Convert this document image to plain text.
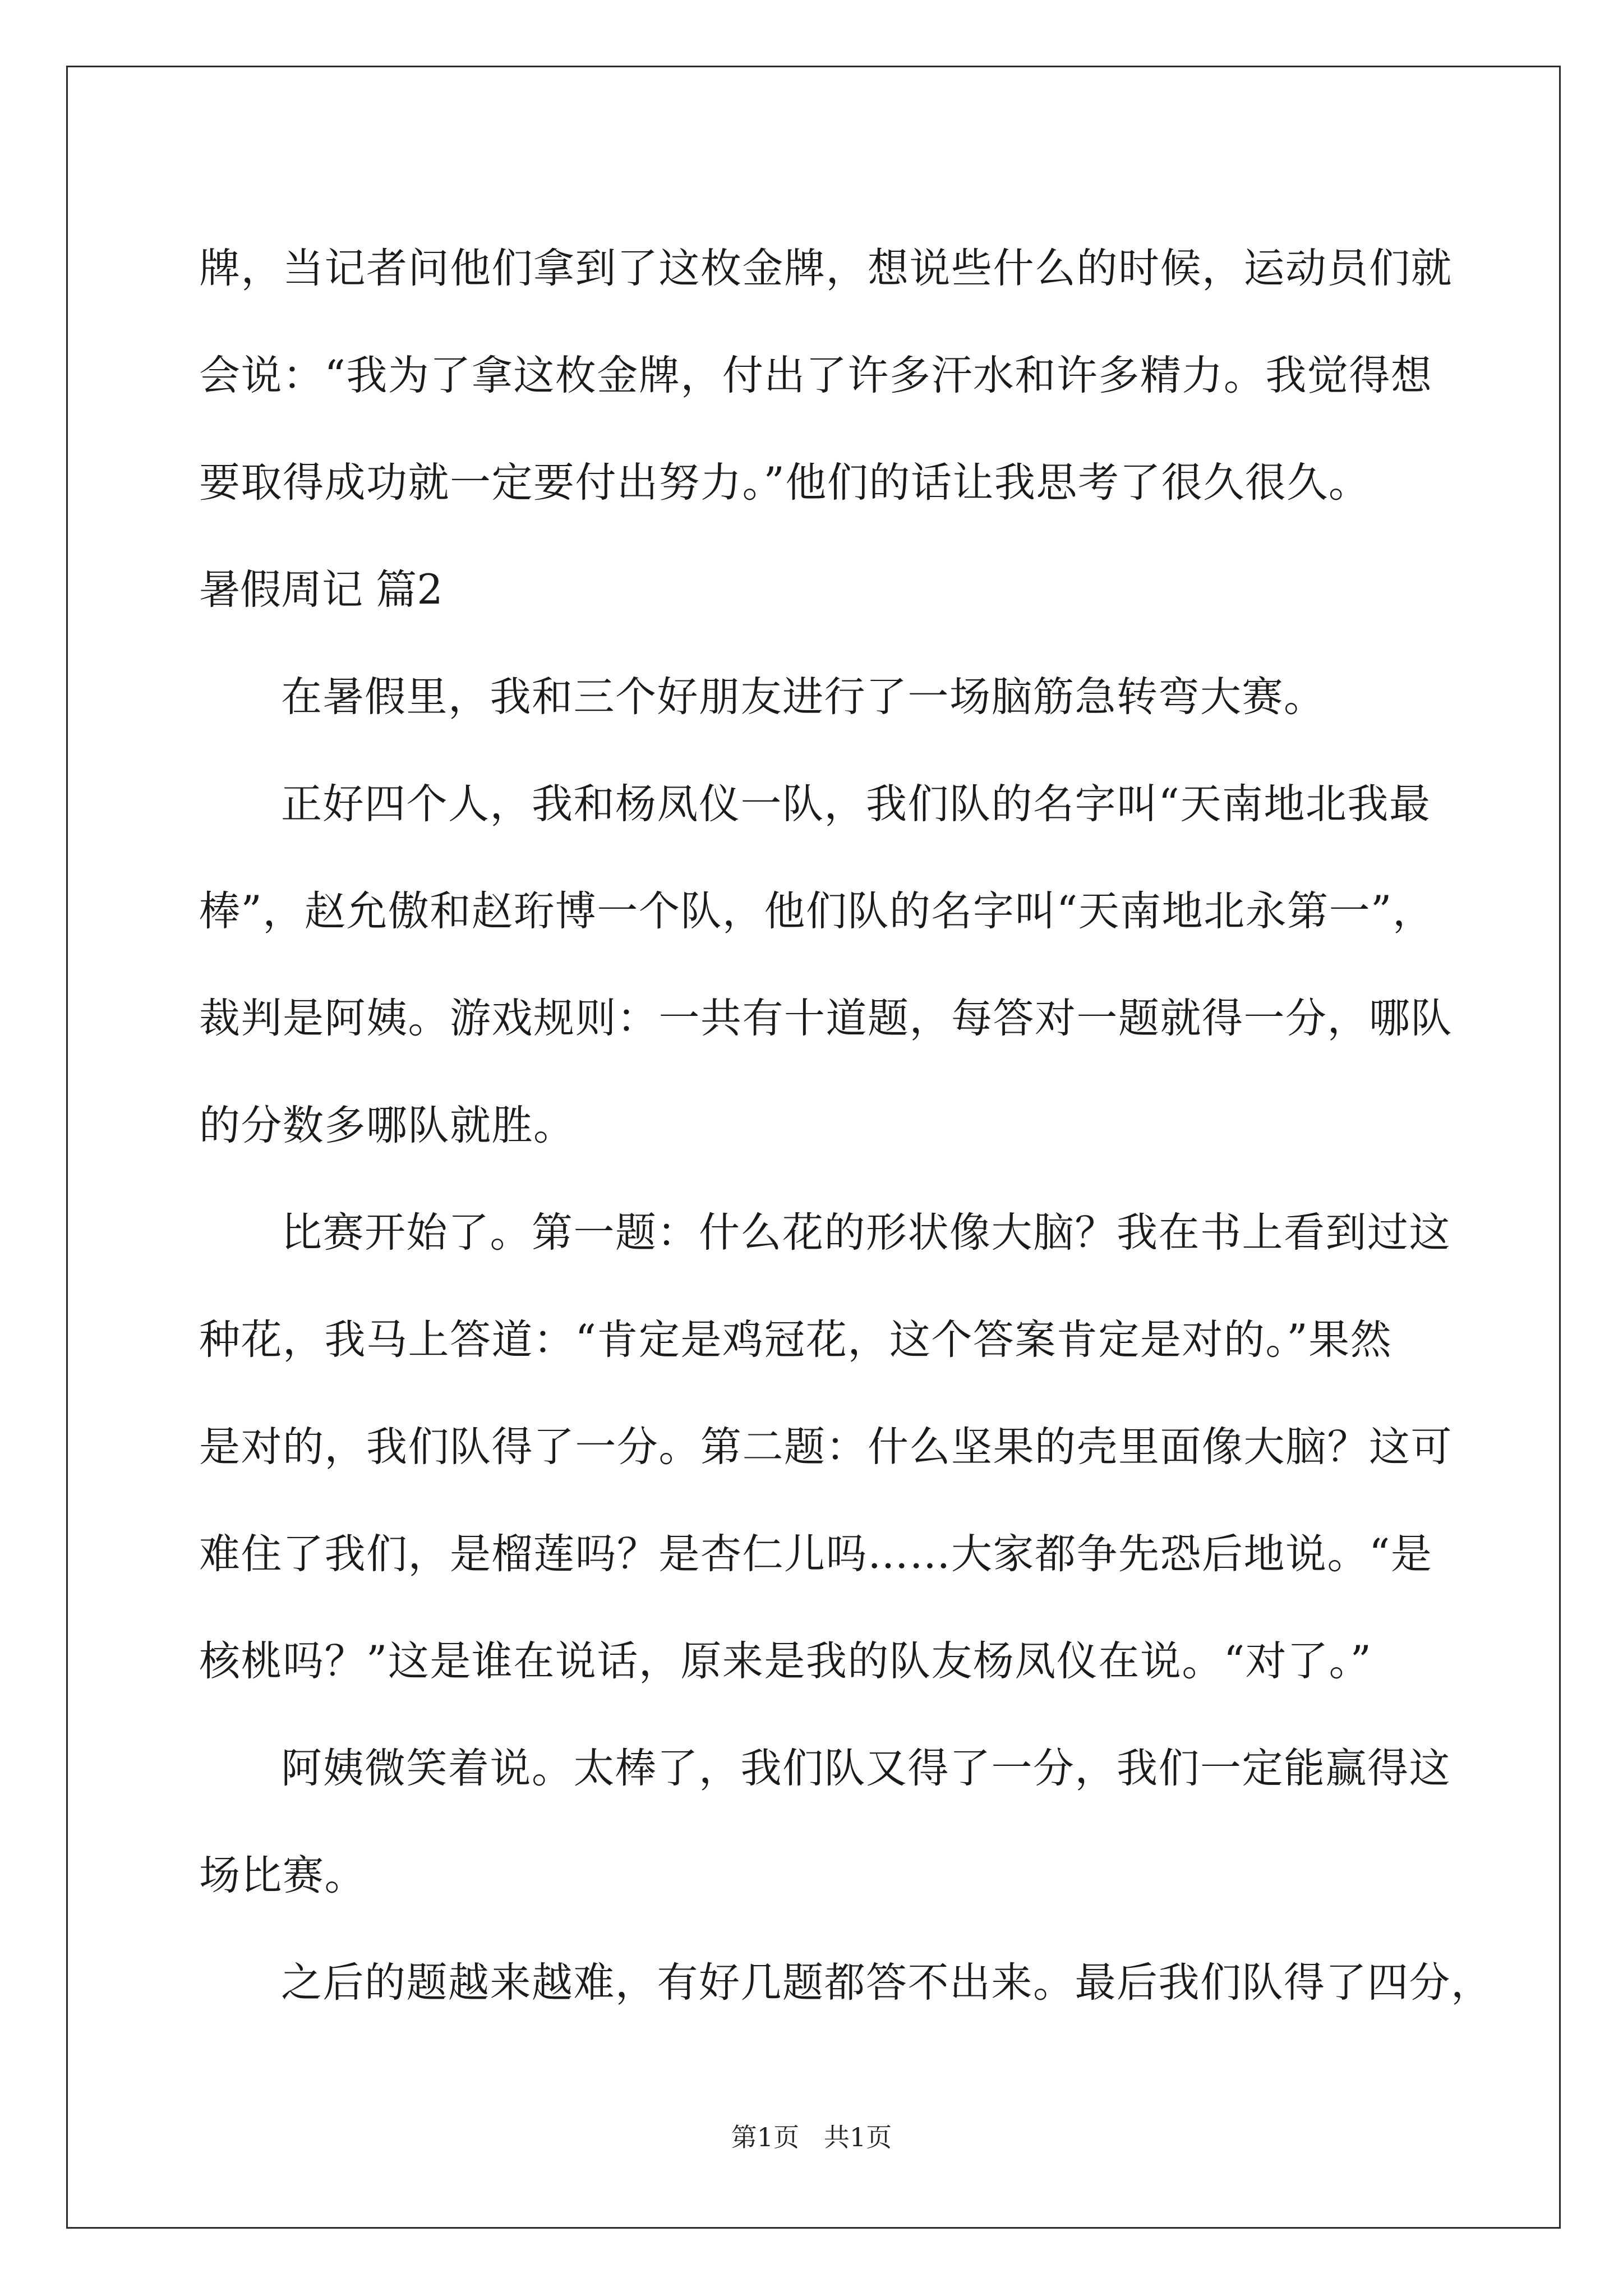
牌，当记者问他们拿到了这枚金牌，想说些什么的时候，运动员们就
会说：“我为了拿这枚金牌，付出了许多汗水和许多精力。我觉得想
要取得成功就一定要付出努力。”他们的话让我思考了很久很久。
暑假周记 篇2
在暑假里，我和三个好朋友进行了一场脑筋急转弯大赛。
正好四个人，我和杨凤仪一队，我们队的名字叫“天南地北我最
棒”，赵允傲和赵珩博一个队，他们队的名字叫“天南地北永第一”，
裁判是阿姨。游戏规则：一共有十道题，每答对一题就得一分，哪队
的分数多哪队就胜。
比赛开始了。第一题：什么花的形状像大脑？我在书上看到过这
种花，我马上答道：“肯定是鸡冠花，这个答案肯定是对的。”果然
是对的，我们队得了一分。第二题：什么坚果的壳里面像大脑？这可
难住了我们，是榴莲吗？是杏仁儿吗……大家都争先恐后地说。“是
核桃吗？”这是谁在说话，原来是我的队友杨凤仪在说。“对了。”
阿姨微笑着说。太棒了，我们队又得了一分，我们一定能赢得这
场比赛。
之后的题越来越难，有好几题都答不出来。最后我们队得了四分，
第1页   共1页
